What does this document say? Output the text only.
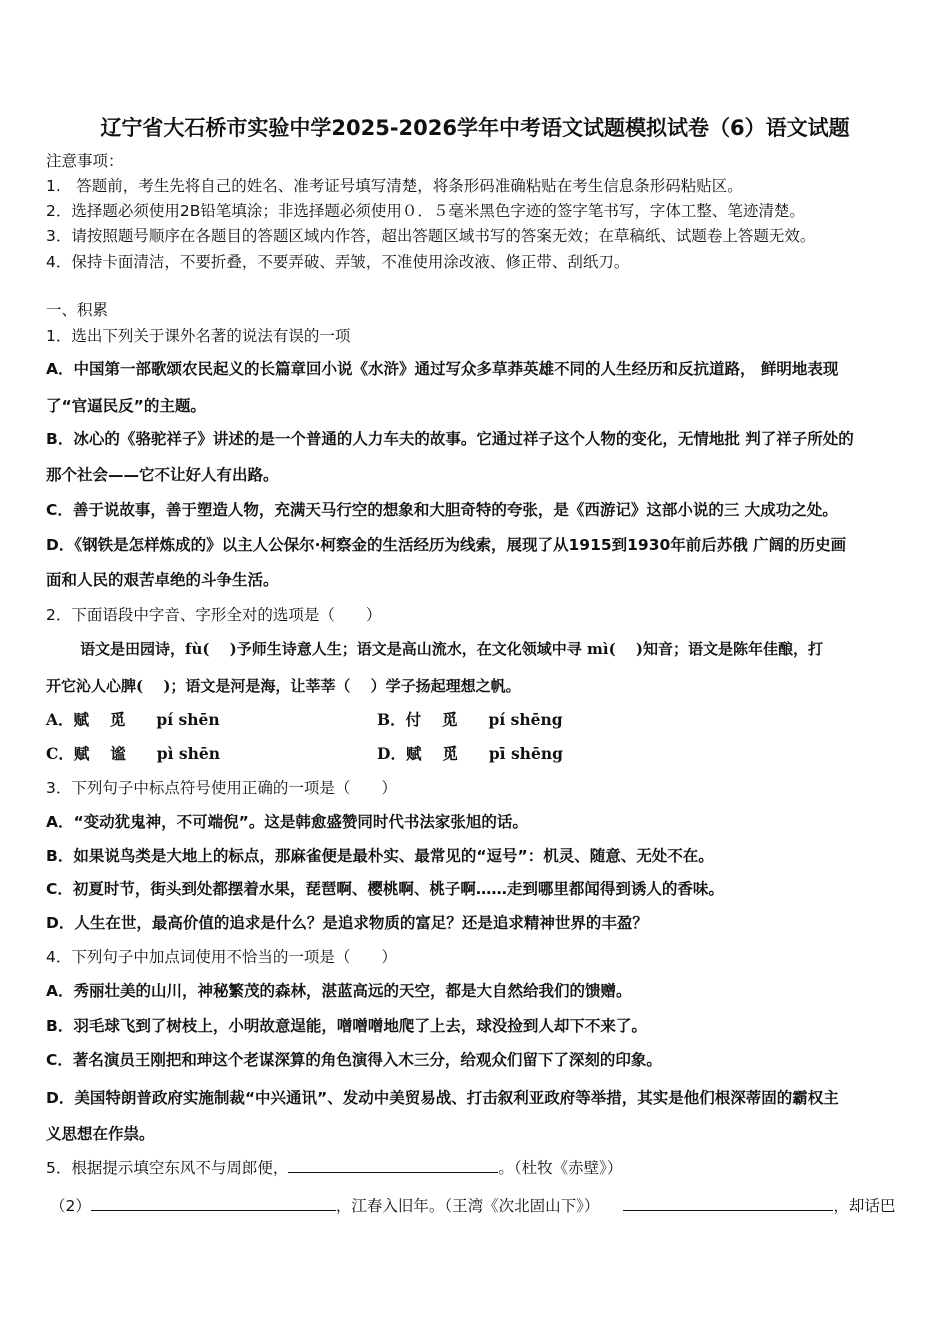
辽宁省大石桥市实验中学2025-2026学年中考语文试题模拟试卷（6）语文试题
注意事项：
1.　答题前，考生先将自己的姓名、准考证号填写清楚，将条形码准确粘贴在考生信息条形码粘贴区。
2．选择题必须使用2B铅笔填涂；非选择题必须使用０．５毫米黑色字迹的签字笔书写，字体工整、笔迹清楚。
3．请按照题号顺序在各题目的答题区域内作答，超出答题区域书写的答案无效；在草稿纸、试题卷上答题无效。
4．保持卡面清洁，不要折叠，不要弄破、弄皱，不准使用涂改液、修正带、刮纸刀。
一、积累
1．选出下列关于课外名著的说法有误的一项
A．中国第一部歌颂农民起义的长篇章回小说《水浒》通过写众多草莽英雄不同的人生经历和反抗道路， 鲜明地表现
了“官逼民反”的主题。
B．冰心的《骆驼祥子》讲述的是一个普通的人力车夫的故事。它通过祥子这个人物的变化，无情地批 判了祥子所处的
那个社会——它不让好人有出路。
C．善于说故事，善于塑造人物，充满天马行空的想象和大胆奇特的夸张，是《西游记》这部小说的三 大成功之处。
D．《钢铁是怎样炼成的》以主人公保尔·柯察金的生活经历为线索，展现了从1915到1930年前后苏俄 广阔的历史画
面和人民的艰苦卓绝的斗争生活。
2．下面语段中字音、字形全对的选项是（　　）
语文是田园诗，fù(　 )予师生诗意人生；语文是高山流水，在文化领域中寻 mì(　 )知音；语文是陈年佳酿，打
开它沁人心脾(　 )；语文是河是海，让莘莘（　 ）学子扬起理想之帆。
A．赋　 觅　　pí shēn	B．付　 觅　　pí shēng
C．赋　 谧　　pì shēn	D．赋　 觅　　pī shēng
3．下列句子中标点符号使用正确的一项是（　　）
A．“变动犹鬼神，不可端倪”。这是韩愈盛赞同时代书法家张旭的话。
B．如果说鸟类是大地上的标点，那麻雀便是最朴实、最常见的“逗号”：机灵、随意、无处不在。
C．初夏时节，街头到处都摆着水果，琵琶啊、樱桃啊、桃子啊……走到哪里都闻得到诱人的香味。
D．人生在世，最高价值的追求是什么？是追求物质的富足？还是追求精神世界的丰盈？
4．下列句子中加点词使用不恰当的一项是（　　）
A．秀丽壮美的山川，神秘繁茂的森林，湛蓝高远的天空，都是大自然给我们的馈赠。
B．羽毛球飞到了树枝上，小明故意逞能，噌噌噌地爬了上去，球没捡到人却下不来了。
C．著名演员王刚把和珅这个老谋深算的角色演得入木三分，给观众们留下了深刻的印象。
D．美国特朗普政府实施制裁“中兴通讯”、发动中美贸易战、打击叙利亚政府等举措，其实是他们根深蒂固的霸权主
义思想在作祟。
5．根据提示填空东风不与周郎便，	。（杜牧《赤壁》）
（2）	，江春入旧年。（王湾《次北固山下》）	，却话巴
